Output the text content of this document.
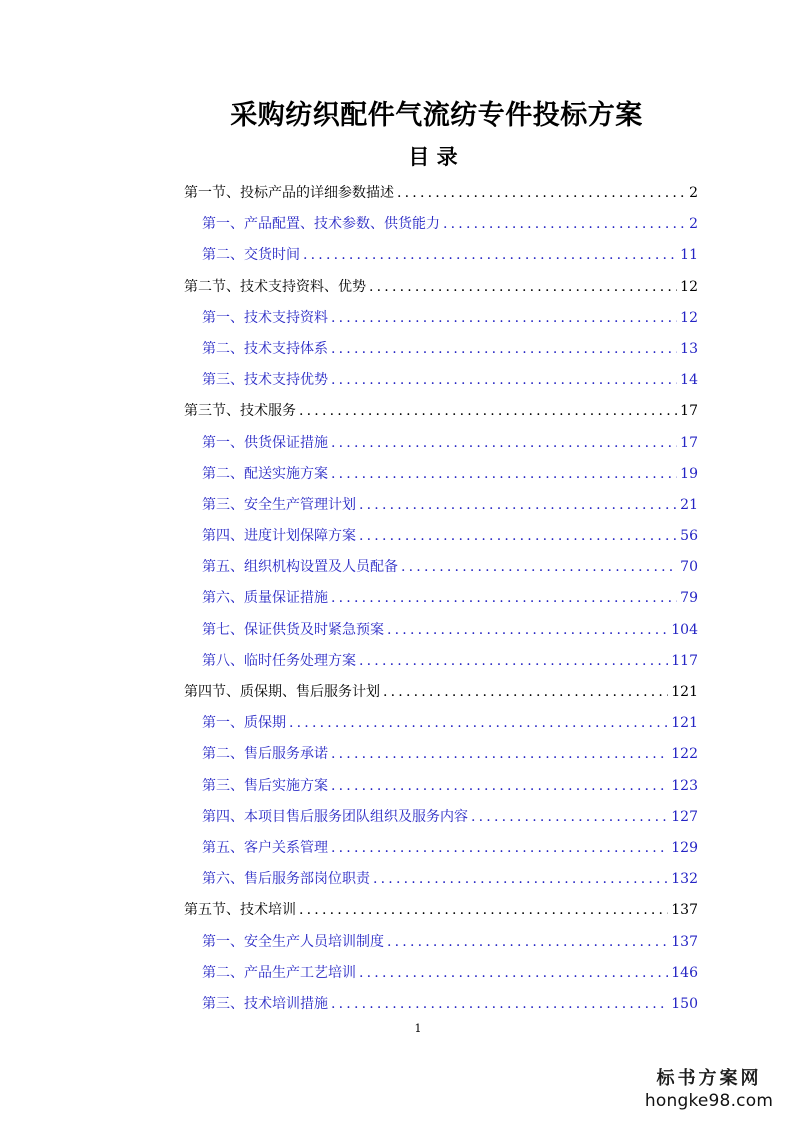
采购纺织配件气流纺专件投标方案
目 录
第一节、投标产品的详细参数描述 .....	2
第一、产品配置、技术参数、供货能力 .....	2
第二、交货时间 .....	11
第二节、技术支持资料、优势 .....	12
第一、技术支持资料 .....	12
第二、技术支持体系 .....	13
第三、技术支持优势 .....	14
第三节、技术服务 .....	17
第一、供货保证措施 .....	17
第二、配送实施方案 .....	19
第三、安全生产管理计划 .....	21
第四、进度计划保障方案 .....	56
第五、组织机构设置及人员配备 .....	70
第六、质量保证措施 .....	79
第七、保证供货及时紧急预案 .....	104
第八、临时任务处理方案 .....	117
第四节、质保期、售后服务计划 .....	121
第一、质保期 .....	121
第二、售后服务承诺 .....	122
第三、售后实施方案 .....	123
第四、本项目售后服务团队组织及服务内容 .....	127
第五、客户关系管理 .....	129
第六、售后服务部岗位职责 .....	132
第五节、技术培训 .....	137
第一、安全生产人员培训制度 .....	137
第二、产品生产工艺培训 .....	146
第三、技术培训措施 .....	150
1
标书方案网
hongke98.com
